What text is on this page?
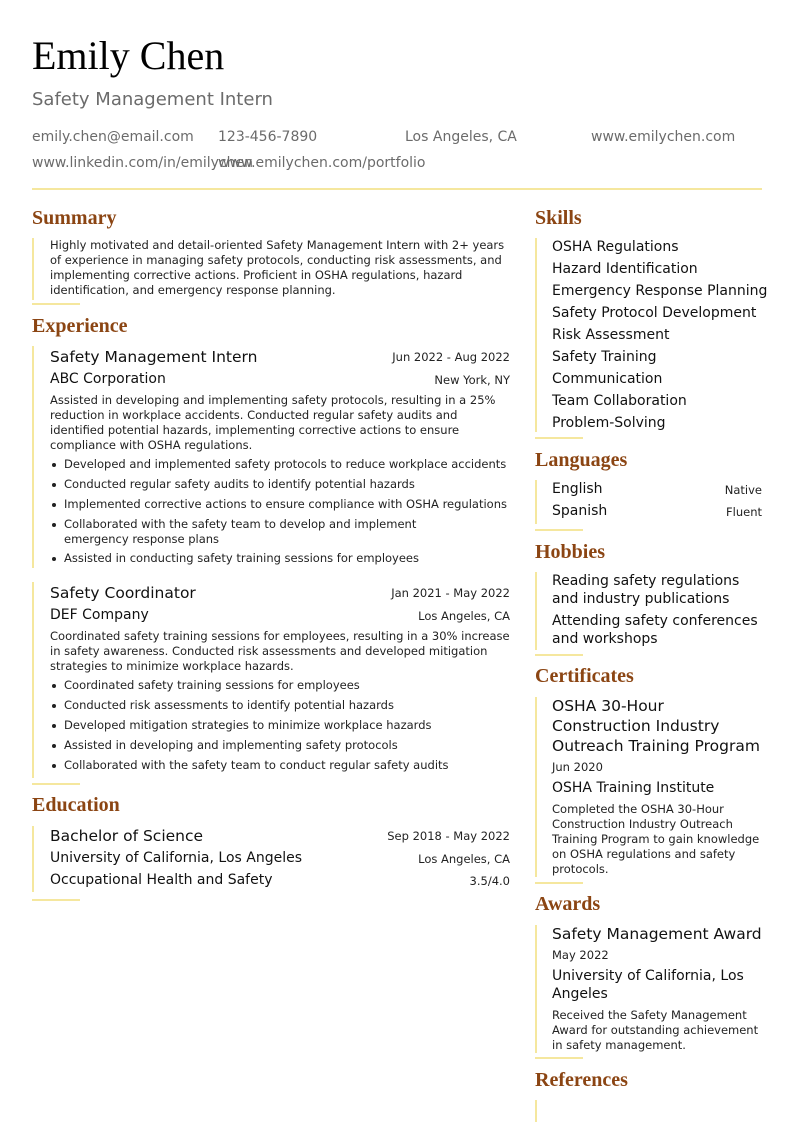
Emily Chen
Safety Management Intern
emily.chen@email.com 123-456-7890	Los Angeles, CA	www.emilychen.com
www.linkedin.com/in/emilychen
www.emilychen.com/portfolio
Summary
Highly motivated and detail-oriented Safety Management Intern with 2+ years of experience in managing safety protocols, conducting risk assessments, and implementing corrective actions. Proficient in OSHA regulations, hazard identification, and emergency response planning.
Experience
Safety Management Intern	Jun 2022 - Aug 2022
ABC Corporation	New York, NY
Assisted in developing and implementing safety protocols, resulting in a 25% reduction in workplace accidents. Conducted regular safety audits and identified potential hazards, implementing corrective actions to ensure compliance with OSHA regulations.
Developed and implemented safety protocols to reduce workplace accidents
Conducted regular safety audits to identify potential hazards
Implemented corrective actions to ensure compliance with OSHA regulations
Collaborated with the safety team to develop and implement emergency response plans
Assisted in conducting safety training sessions for employees
Safety Coordinator	Jan 2021 - May 2022
DEF Company	Los Angeles, CA
Coordinated safety training sessions for employees, resulting in a 30% increase in safety awareness. Conducted risk assessments and developed mitigation strategies to minimize workplace hazards.
Coordinated safety training sessions for employees
Conducted risk assessments to identify potential hazards
Developed mitigation strategies to minimize workplace hazards
Assisted in developing and implementing safety protocols
Collaborated with the safety team to conduct regular safety audits
Education
Bachelor of Science	Sep 2018 - May 2022
University of California, Los Angeles	Los Angeles, CA
Occupational Health and Safety	3.5/4.0
Skills
OSHA Regulations
Hazard Identification
Emergency Response Planning
Safety Protocol Development
Risk Assessment
Safety Training
Communication
Team Collaboration
Problem-Solving
Languages
English	Native
Spanish	Fluent
Hobbies
Reading safety regulations and industry publications
Attending safety conferences and workshops
Certificates
OSHA 30-Hour Construction Industry Outreach Training Program
Jun 2020
OSHA Training Institute
Completed the OSHA 30-Hour Construction Industry Outreach Training Program to gain knowledge on OSHA regulations and safety protocols.
Awards
Safety Management Award
May 2022
University of California, Los Angeles
Received the Safety Management Award for outstanding achievement in safety management.
References
